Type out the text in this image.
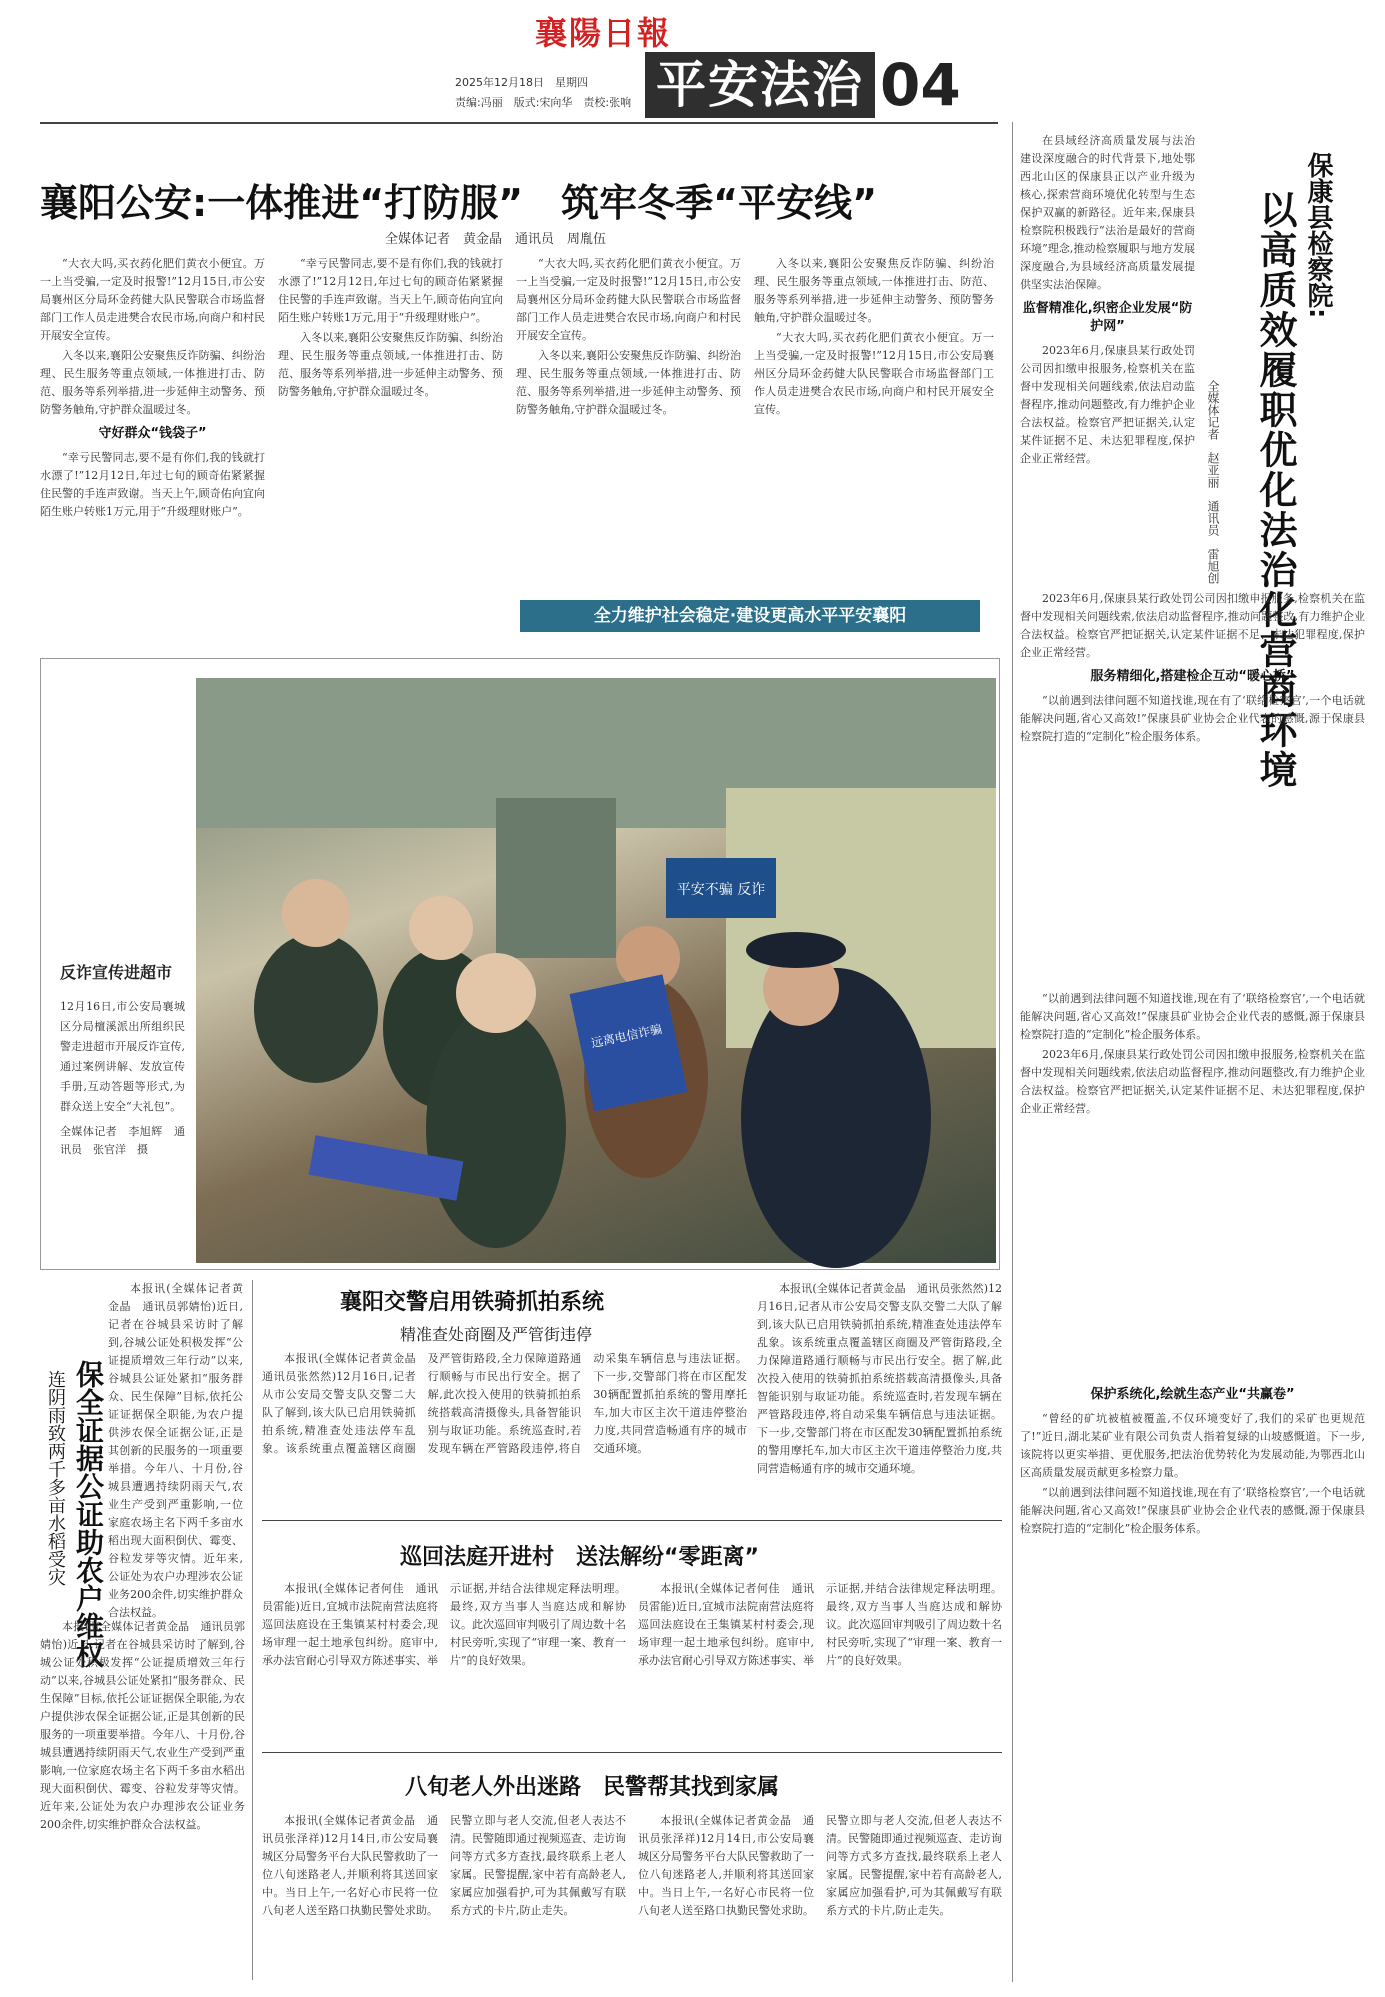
襄陽日報
2025年12月18日　星期四
责编:冯丽　版式:宋向华　责校:张响 平安法治 04
襄阳公安:一体推进“打防服”　筑牢冬季“平安线”
全媒体记者　黄金晶　通讯员　周胤伍

“大衣大吗,买衣药化肥们黄衣小便宜。万一上当受骗,一定及时报警!”12月15日,市公安局襄州区分局环金药健大队民警联合市场监督部门工作人员走进樊合农民市场,向商户和村民开展安全宣传。

入冬以来,襄阳公安聚焦反诈防骗、纠纷治理、民生服务等重点领域,一体推进打击、防范、服务等系列举措,进一步延伸主动警务、预防警务触角,守护群众温暖过冬。

守好群众“钱袋子”

“幸亏民警同志,要不是有你们,我的钱就打水漂了!”12月12日,年过七旬的顾奇佑紧紧握住民警的手连声致谢。当天上午,顾奇佑向宜向陌生账户转账1万元,用于“升级理财账户”。

“幸亏民警同志,要不是有你们,我的钱就打水漂了!”12月12日,年过七旬的顾奇佑紧紧握住民警的手连声致谢。当天上午,顾奇佑向宜向陌生账户转账1万元,用于“升级理财账户”。

入冬以来,襄阳公安聚焦反诈防骗、纠纷治理、民生服务等重点领域,一体推进打击、防范、服务等系列举措,进一步延伸主动警务、预防警务触角,守护群众温暖过冬。

“大衣大吗,买衣药化肥们黄衣小便宜。万一上当受骗,一定及时报警!”12月15日,市公安局襄州区分局环金药健大队民警联合市场监督部门工作人员走进樊合农民市场,向商户和村民开展安全宣传。

入冬以来,襄阳公安聚焦反诈防骗、纠纷治理、民生服务等重点领域,一体推进打击、防范、服务等系列举措,进一步延伸主动警务、预防警务触角,守护群众温暖过冬。

入冬以来,襄阳公安聚焦反诈防骗、纠纷治理、民生服务等重点领域,一体推进打击、防范、服务等系列举措,进一步延伸主动警务、预防警务触角,守护群众温暖过冬。

“大衣大吗,买衣药化肥们黄衣小便宜。万一上当受骗,一定及时报警!”12月15日,市公安局襄州区分局环金药健大队民警联合市场监督部门工作人员走进樊合农民市场,向商户和村民开展安全宣传。

全力维护社会稳定·建设更高水平平安襄阳
反诈宣传进超市
12月16日,市公安局襄城区分局檀溪派出所组织民警走进超市开展反诈宣传,通过案例讲解、发放宣传手册,互动答题等形式,为群众送上安全“大礼包”。
全媒体记者　李旭辉　通讯员　张官洋　摄
平安不骗 反诈
远离电信诈骗
保康县检察院:
以高质效履职优化法治化营商环境
全媒体记者　赵亚丽　通讯员　雷旭创

在县域经济高质量发展与法治建设深度融合的时代背景下,地处鄂西北山区的保康县正以产业升级为核心,探索营商环境优化转型与生态保护双赢的新路径。近年来,保康县检察院积极践行“法治是最好的营商环境”理念,推动检察履职与地方发展深度融合,为县域经济高质量发展提供坚实法治保障。

监督精准化,织密企业发展“防护网”

2023年6月,保康县某行政处罚公司因扣缴申报服务,检察机关在监督中发现相关问题线索,依法启动监督程序,推动问题整改,有力维护企业合法权益。检察官严把证据关,认定某件证据不足、未达犯罪程度,保护企业正常经营。

2023年6月,保康县某行政处罚公司因扣缴申报服务,检察机关在监督中发现相关问题线索,依法启动监督程序,推动问题整改,有力维护企业合法权益。检察官严把证据关,认定某件证据不足、未达犯罪程度,保护企业正常经营。

服务精细化,搭建检企互动“暖心桥”

“以前遇到法律问题不知道找谁,现在有了‘联络检察官’,一个电话就能解决问题,省心又高效!”保康县矿业协会企业代表的感慨,源于保康县检察院打造的“定制化”检企服务体系。

“以前遇到法律问题不知道找谁,现在有了‘联络检察官’,一个电话就能解决问题,省心又高效!”保康县矿业协会企业代表的感慨,源于保康县检察院打造的“定制化”检企服务体系。

2023年6月,保康县某行政处罚公司因扣缴申报服务,检察机关在监督中发现相关问题线索,依法启动监督程序,推动问题整改,有力维护企业合法权益。检察官严把证据关,认定某件证据不足、未达犯罪程度,保护企业正常经营。

保护系统化,绘就生态产业“共赢卷”

“曾经的矿坑被植被覆盖,不仅环境变好了,我们的采矿也更规范了!”近日,湖北某矿业有限公司负责人指着复绿的山坡感慨道。下一步,该院将以更实举措、更优服务,把法治优势转化为发展动能,为鄂西北山区高质量发展贡献更多检察力量。

“以前遇到法律问题不知道找谁,现在有了‘联络检察官’,一个电话就能解决问题,省心又高效!”保康县矿业协会企业代表的感慨,源于保康县检察院打造的“定制化”检企服务体系。

保全证据公证助农户维权
连阴雨致两千多亩水稻受灾

本报讯(全媒体记者黄金晶　通讯员郭婧怡)近日,记者在谷城县采访时了解到,谷城公证处积极发挥“公证提质增效三年行动”以来,谷城县公证处紧扣“服务群众、民生保障”目标,依托公证证据保全职能,为农户提供涉农保全证据公证,正是其创新的民服务的一项重要举措。今年八、十月份,谷城县遭遇持续阴雨天气,农业生产受到严重影响,一位家庭农场主名下两千多亩水稻出现大面积倒伏、霉变、谷粒发芽等灾情。近年来,公证处为农户办理涉农公证业务200余件,切实维护群众合法权益。

本报讯(全媒体记者黄金晶　通讯员郭婧怡)近日,记者在谷城县采访时了解到,谷城公证处积极发挥“公证提质增效三年行动”以来,谷城县公证处紧扣“服务群众、民生保障”目标,依托公证证据保全职能,为农户提供涉农保全证据公证,正是其创新的民服务的一项重要举措。今年八、十月份,谷城县遭遇持续阴雨天气,农业生产受到严重影响,一位家庭农场主名下两千多亩水稻出现大面积倒伏、霉变、谷粒发芽等灾情。近年来,公证处为农户办理涉农公证业务200余件,切实维护群众合法权益。

襄阳交警启用铁骑抓拍系统
精准查处商圈及严管街违停

本报讯(全媒体记者黄金晶　通讯员张然然)12月16日,记者从市公安局交警支队交警二大队了解到,该大队已启用铁骑抓拍系统,精准查处违法停车乱象。该系统重点覆盖辖区商圈及严管街路段,全力保障道路通行顺畅与市民出行安全。据了解,此次投入使用的铁骑抓拍系统搭载高清摄像头,具备智能识别与取证功能。系统巡查时,若发现车辆在严管路段违停,将自动采集车辆信息与违法证据。下一步,交警部门将在市区配发30辆配置抓拍系统的警用摩托车,加大市区主次干道违停整治力度,共同营造畅通有序的城市交通环境。

本报讯(全媒体记者黄金晶　通讯员张然然)12月16日,记者从市公安局交警支队交警二大队了解到,该大队已启用铁骑抓拍系统,精准查处违法停车乱象。该系统重点覆盖辖区商圈及严管街路段,全力保障道路通行顺畅与市民出行安全。据了解,此次投入使用的铁骑抓拍系统搭载高清摄像头,具备智能识别与取证功能。系统巡查时,若发现车辆在严管路段违停,将自动采集车辆信息与违法证据。下一步,交警部门将在市区配发30辆配置抓拍系统的警用摩托车,加大市区主次干道违停整治力度,共同营造畅通有序的城市交通环境。

巡回法庭开进村　送法解纷“零距离”

本报讯(全媒体记者何佳　通讯员雷能)近日,宜城市法院南营法庭将巡回法庭设在王集镇某村村委会,现场审理一起土地承包纠纷。庭审中,承办法官耐心引导双方陈述事实、举示证据,并结合法律规定释法明理。最终,双方当事人当庭达成和解协议。此次巡回审判吸引了周边数十名村民旁听,实现了“审理一案、教育一片”的良好效果。

本报讯(全媒体记者何佳　通讯员雷能)近日,宜城市法院南营法庭将巡回法庭设在王集镇某村村委会,现场审理一起土地承包纠纷。庭审中,承办法官耐心引导双方陈述事实、举示证据,并结合法律规定释法明理。最终,双方当事人当庭达成和解协议。此次巡回审判吸引了周边数十名村民旁听,实现了“审理一案、教育一片”的良好效果。

八旬老人外出迷路　民警帮其找到家属

本报讯(全媒体记者黄金晶　通讯员张泽祥)12月14日,市公安局襄城区分局警务平台大队民警救助了一位八旬迷路老人,并顺利将其送回家中。当日上午,一名好心市民将一位八旬老人送至路口执勤民警处求助。民警立即与老人交流,但老人表达不清。民警随即通过视频巡查、走访询问等方式多方查找,最终联系上老人家属。民警提醒,家中若有高龄老人,家属应加强看护,可为其佩戴写有联系方式的卡片,防止走失。

本报讯(全媒体记者黄金晶　通讯员张泽祥)12月14日,市公安局襄城区分局警务平台大队民警救助了一位八旬迷路老人,并顺利将其送回家中。当日上午,一名好心市民将一位八旬老人送至路口执勤民警处求助。民警立即与老人交流,但老人表达不清。民警随即通过视频巡查、走访询问等方式多方查找,最终联系上老人家属。民警提醒,家中若有高龄老人,家属应加强看护,可为其佩戴写有联系方式的卡片,防止走失。
